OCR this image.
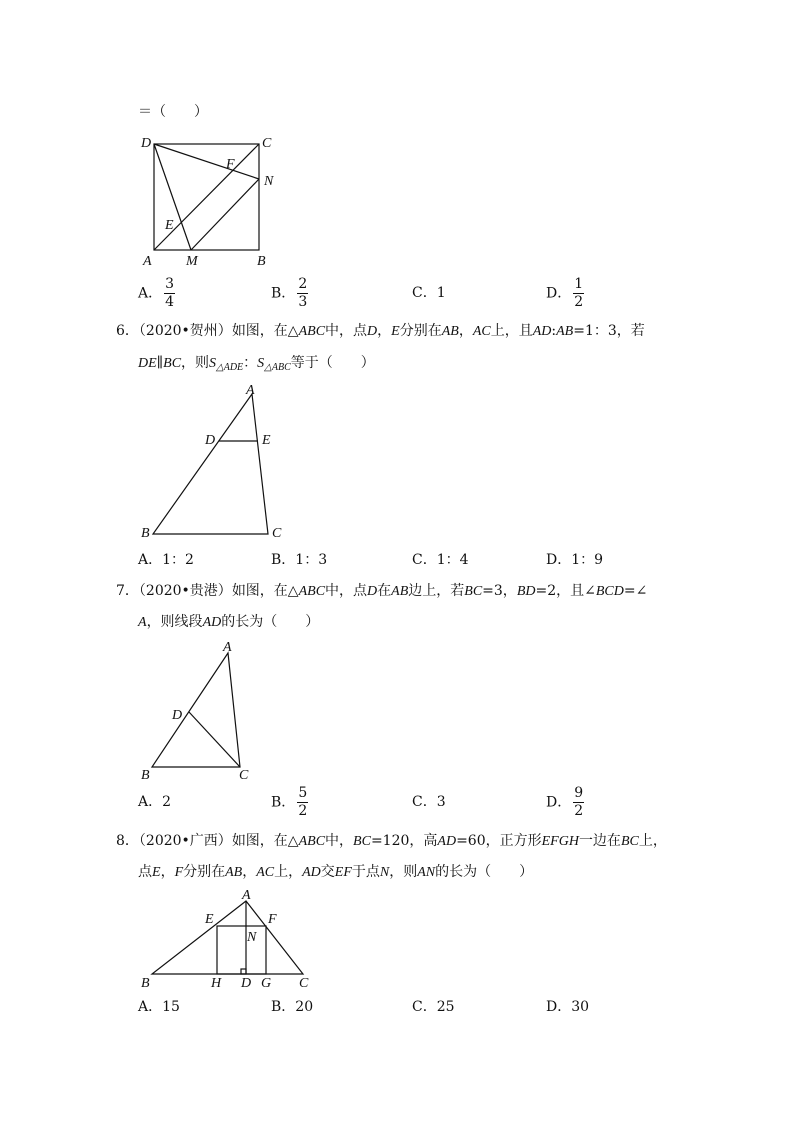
＝（　　）
D	C
F
N
E
A M	B
A． $\frac{3}{4}$	B． $\frac{2}{3}$	C．1	D． $\frac{1}{2}$
6．（2020•贺州）如图，在△ABC中，点D，E分别在AB，AC上，且AD:AB=1：3，若
DE∥BC，则$S_{\triangle ADE}$：$S_{\triangle ABC}$等于（　　）
A
D	E
B	C
A．1：2	B．1：3	C．1：4	D．1：9
7．（2020•贵港）如图，在△ABC中，点D在AB边上，若BC=3，BD=2，且∠BCD=∠
A，则线段AD的长为（　　）
A
D
B	C
A．2	B． $\frac{5}{2}$	C．3	D． $\frac{9}{2}$
8．（2020•广西）如图，在△ABC中，BC=120，高AD=60，正方形EFGH一边在BC上，
点E，F分别在AB，AC上，AD交EF于点N，则AN的长为（　　）
A
E	F
N
B	H D G C
A．15	B．20	C．25	D．30
